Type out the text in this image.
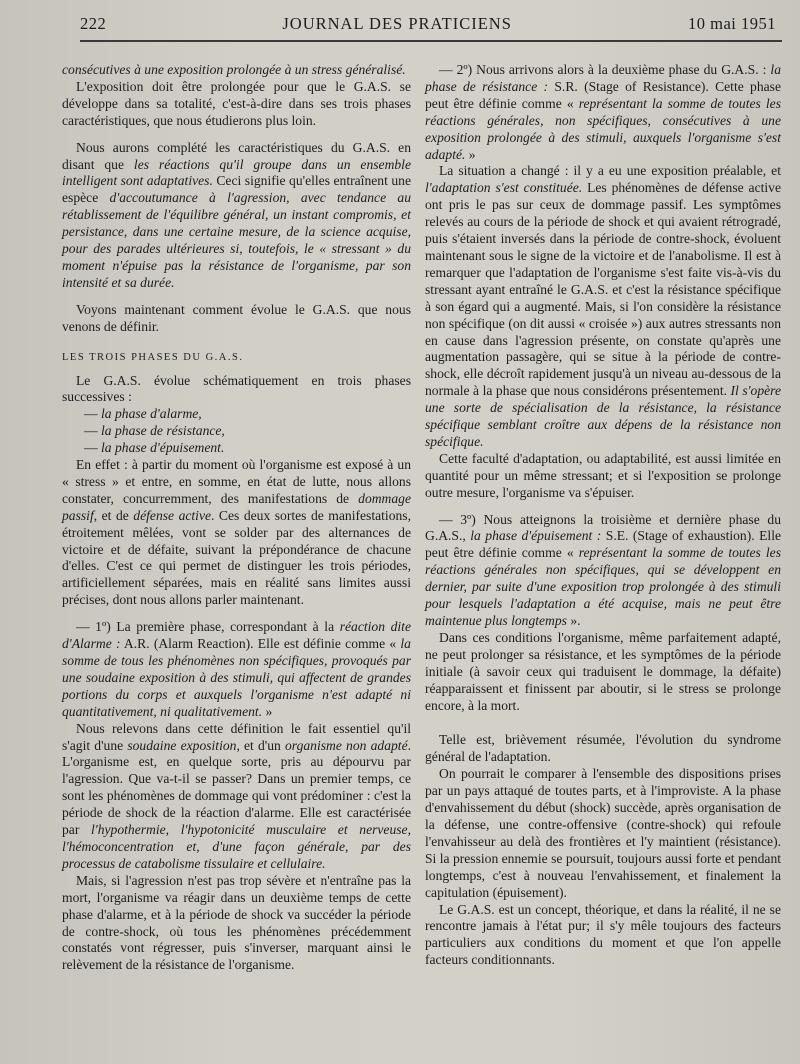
222	JOURNAL DES PRATICIENS	10 mai 1951

consécutives à une exposition prolongée à un stress généralisé.

L'exposition doit être prolongée pour que le G.A.S. se développe dans sa totalité, c'est-à-dire dans ses trois phases caractéristiques, que nous étudierons plus loin.

Nous aurons complété les caractéristiques du G.A.S. en disant que les réactions qu'il groupe dans un ensemble intelligent sont adaptatives. Ceci signifie qu'elles entraînent une espèce d'accoutumance à l'agression, avec tendance au rétablissement de l'équilibre général, un instant compromis, et persistance, dans une certaine mesure, de la science acquise, pour des parades ultérieures si, toutefois, le « stressant » du moment n'épuise pas la résistance de l'organisme, par son intensité et sa durée.

Voyons maintenant comment évolue le G.A.S. que nous venons de définir.

LES TROIS PHASES DU G.A.S.

Le G.A.S. évolue schématiquement en trois phases successives :

— la phase d'alarme,
— la phase de résistance,
— la phase d'épuisement.

En effet : à partir du moment où l'organisme est exposé à un « stress » et entre, en somme, en état de lutte, nous allons constater, concurremment, des manifestations de dommage passif, et de défense active. Ces deux sortes de manifestations, étroitement mêlées, vont se solder par des alternances de victoire et de défaite, suivant la prépondérance de chacune d'elles. C'est ce qui permet de distinguer les trois périodes, artificiellement séparées, mais en réalité sans limites aussi précises, dont nous allons parler maintenant.

— 1º) La première phase, correspondant à la réaction dite d'Alarme : A.R. (Alarm Reaction). Elle est définie comme « la somme de tous les phénomènes non spécifiques, provoqués par une soudaine exposition à des stimuli, qui affectent de grandes portions du corps et auxquels l'organisme n'est adapté ni quantitativement, ni qualitativement. »

Nous relevons dans cette définition le fait essentiel qu'il s'agit d'une soudaine exposition, et d'un organisme non adapté. L'organisme est, en quelque sorte, pris au dépourvu par l'agression. Que va-t-il se passer? Dans un premier temps, ce sont les phénomènes de dommage qui vont prédominer : c'est la période de shock de la réaction d'alarme. Elle est caractérisée par l'hypothermie, l'hypotonicité musculaire et nerveuse, l'hémoconcentration et, d'une façon générale, par des processus de catabolisme tissulaire et cellulaire.

Mais, si l'agression n'est pas trop sévère et n'entraîne pas la mort, l'organisme va réagir dans un deuxième temps de cette phase d'alarme, et à la période de shock va succéder la période de contre-shock, où tous les phénomènes précédemment constatés vont régresser, puis s'inverser, marquant ainsi le relèvement de la résistance de l'organisme.

— 2º) Nous arrivons alors à la deuxième phase du G.A.S. : la phase de résistance : S.R. (Stage of Resistance). Cette phase peut être définie comme « représentant la somme de toutes les réactions générales, non spécifiques, consécutives à une exposition prolongée à des stimuli, auxquels l'organisme s'est adapté. »

La situation a changé : il y a eu une exposition préalable, et l'adaptation s'est constituée. Les phénomènes de défense active ont pris le pas sur ceux de dommage passif. Les symptômes relevés au cours de la période de shock et qui avaient rétrogradé, puis s'étaient inversés dans la période de contre-shock, évoluent maintenant sous le signe de la victoire et de l'anabolisme. Il est à remarquer que l'adaptation de l'organisme s'est faite vis-à-vis du stressant ayant entraîné le G.A.S. et c'est la résistance spécifique à son égard qui a augmenté. Mais, si l'on considère la résistance non spécifique (on dit aussi « croisée ») aux autres stressants non en cause dans l'agression présente, on constate qu'après une augmentation passagère, qui se situe à la période de contre-shock, elle décroît rapidement jusqu'à un niveau au-dessous de la normale à la phase que nous considérons présentement. Il s'opère une sorte de spécialisation de la résistance, la résistance spécifique semblant croître aux dépens de la résistance non spécifique.

Cette faculté d'adaptation, ou adaptabilité, est aussi limitée en quantité pour un même stressant; et si l'exposition se prolonge outre mesure, l'organisme va s'épuiser.

— 3º) Nous atteignons la troisième et dernière phase du G.A.S., la phase d'épuisement : S.E. (Stage of exhaustion). Elle peut être définie comme « représentant la somme de toutes les réactions générales non spécifiques, qui se développent en dernier, par suite d'une exposition trop prolongée à des stimuli pour lesquels l'adaptation a été acquise, mais ne peut être maintenue plus longtemps ».

Dans ces conditions l'organisme, même parfaitement adapté, ne peut prolonger sa résistance, et les symptômes de la période initiale (à savoir ceux qui traduisent le dommage, la défaite) réapparaissent et finissent par aboutir, si le stress se prolonge encore, à la mort.

Telle est, brièvement résumée, l'évolution du syndrome général de l'adaptation.

On pourrait le comparer à l'ensemble des dispositions prises par un pays attaqué de toutes parts, et à l'improviste. A la phase d'envahissement du début (shock) succède, après organisation de la défense, une contre-offensive (contre-shock) qui refoule l'envahisseur au delà des frontières et l'y maintient (résistance). Si la pression ennemie se poursuit, toujours aussi forte et pendant longtemps, c'est à nouveau l'envahissement, et finalement la capitulation (épuisement).

Le G.A.S. est un concept, théorique, et dans la réalité, il ne se rencontre jamais à l'état pur; il s'y mêle toujours des facteurs particuliers aux conditions du moment et que l'on appelle facteurs conditionnants.
